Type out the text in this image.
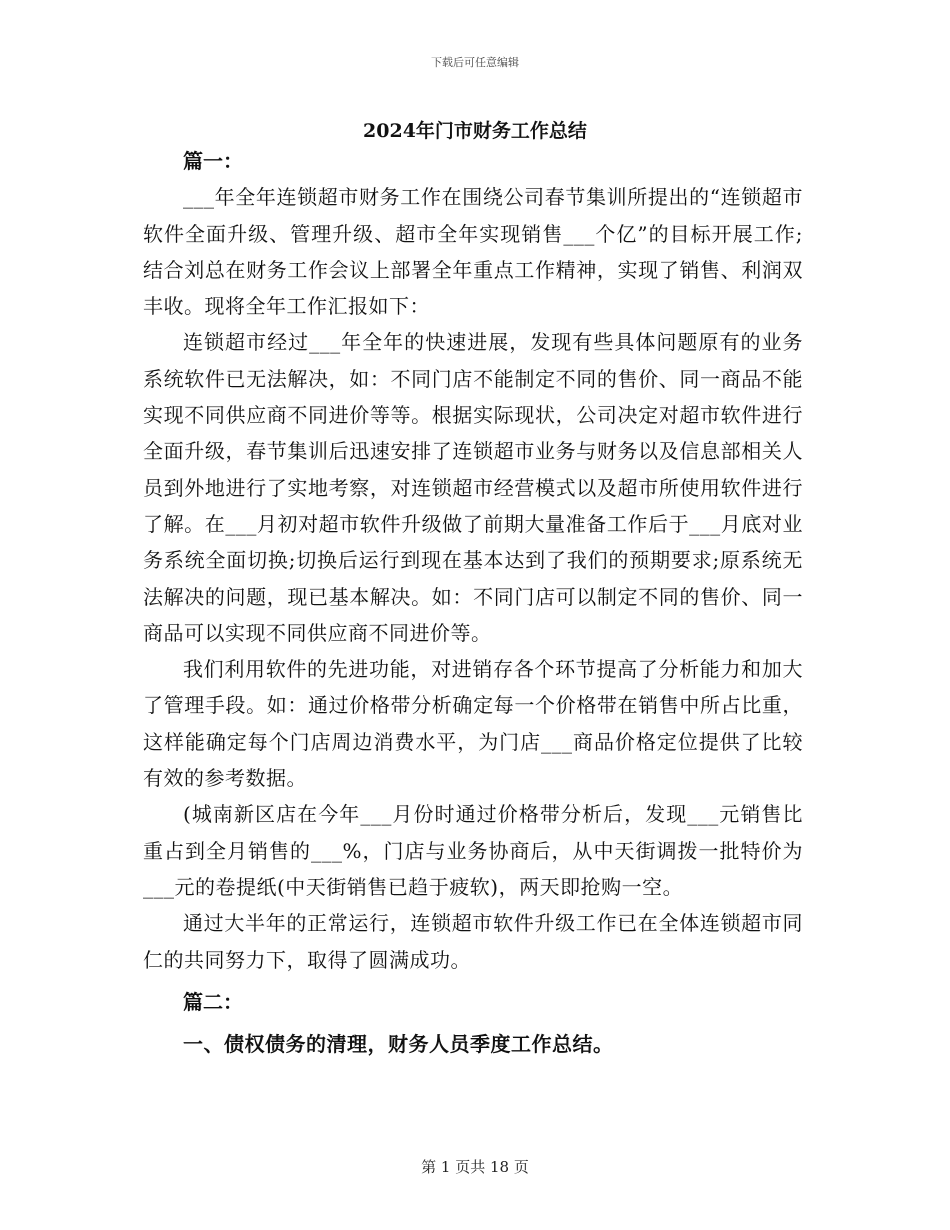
下载后可任意编辑
2024年门市财务工作总结

篇一：

___年全年连锁超市财务工作在围绕公司春节集训所提出的“连锁超市软件全面升级、管理升级、超市全年实现销售___个亿”的目标开展工作;结合刘总在财务工作会议上部署全年重点工作精神，实现了销售、利润双丰收。现将全年工作汇报如下：

连锁超市经过___年全年的快速进展，发现有些具体问题原有的业务系统软件已无法解决，如：不同门店不能制定不同的售价、同一商品不能实现不同供应商不同进价等等。根据实际现状，公司决定对超市软件进行全面升级，春节集训后迅速安排了连锁超市业务与财务以及信息部相关人员到外地进行了实地考察，对连锁超市经营模式以及超市所使用软件进行了解。在___月初对超市软件升级做了前期大量准备工作后于___月底对业务系统全面切换;切换后运行到现在基本达到了我们的预期要求;原系统无法解决的问题，现已基本解决。如：不同门店可以制定不同的售价、同一商品可以实现不同供应商不同进价等。

我们利用软件的先进功能，对进销存各个环节提高了分析能力和加大了管理手段。如：通过价格带分析确定每一个价格带在销售中所占比重，这样能确定每个门店周边消费水平，为门店___商品价格定位提供了比较有效的参考数据。

(城南新区店在今年___月份时通过价格带分析后，发现___元销售比重占到全月销售的___%，门店与业务协商后，从中天街调拨一批特价为___元的卷提纸(中天街销售已趋于疲软)，两天即抢购一空。

通过大半年的正常运行，连锁超市软件升级工作已在全体连锁超市同仁的共同努力下，取得了圆满成功。

篇二：

一、债权债务的清理，财务人员季度工作总结。

第 1 页共 18 页
